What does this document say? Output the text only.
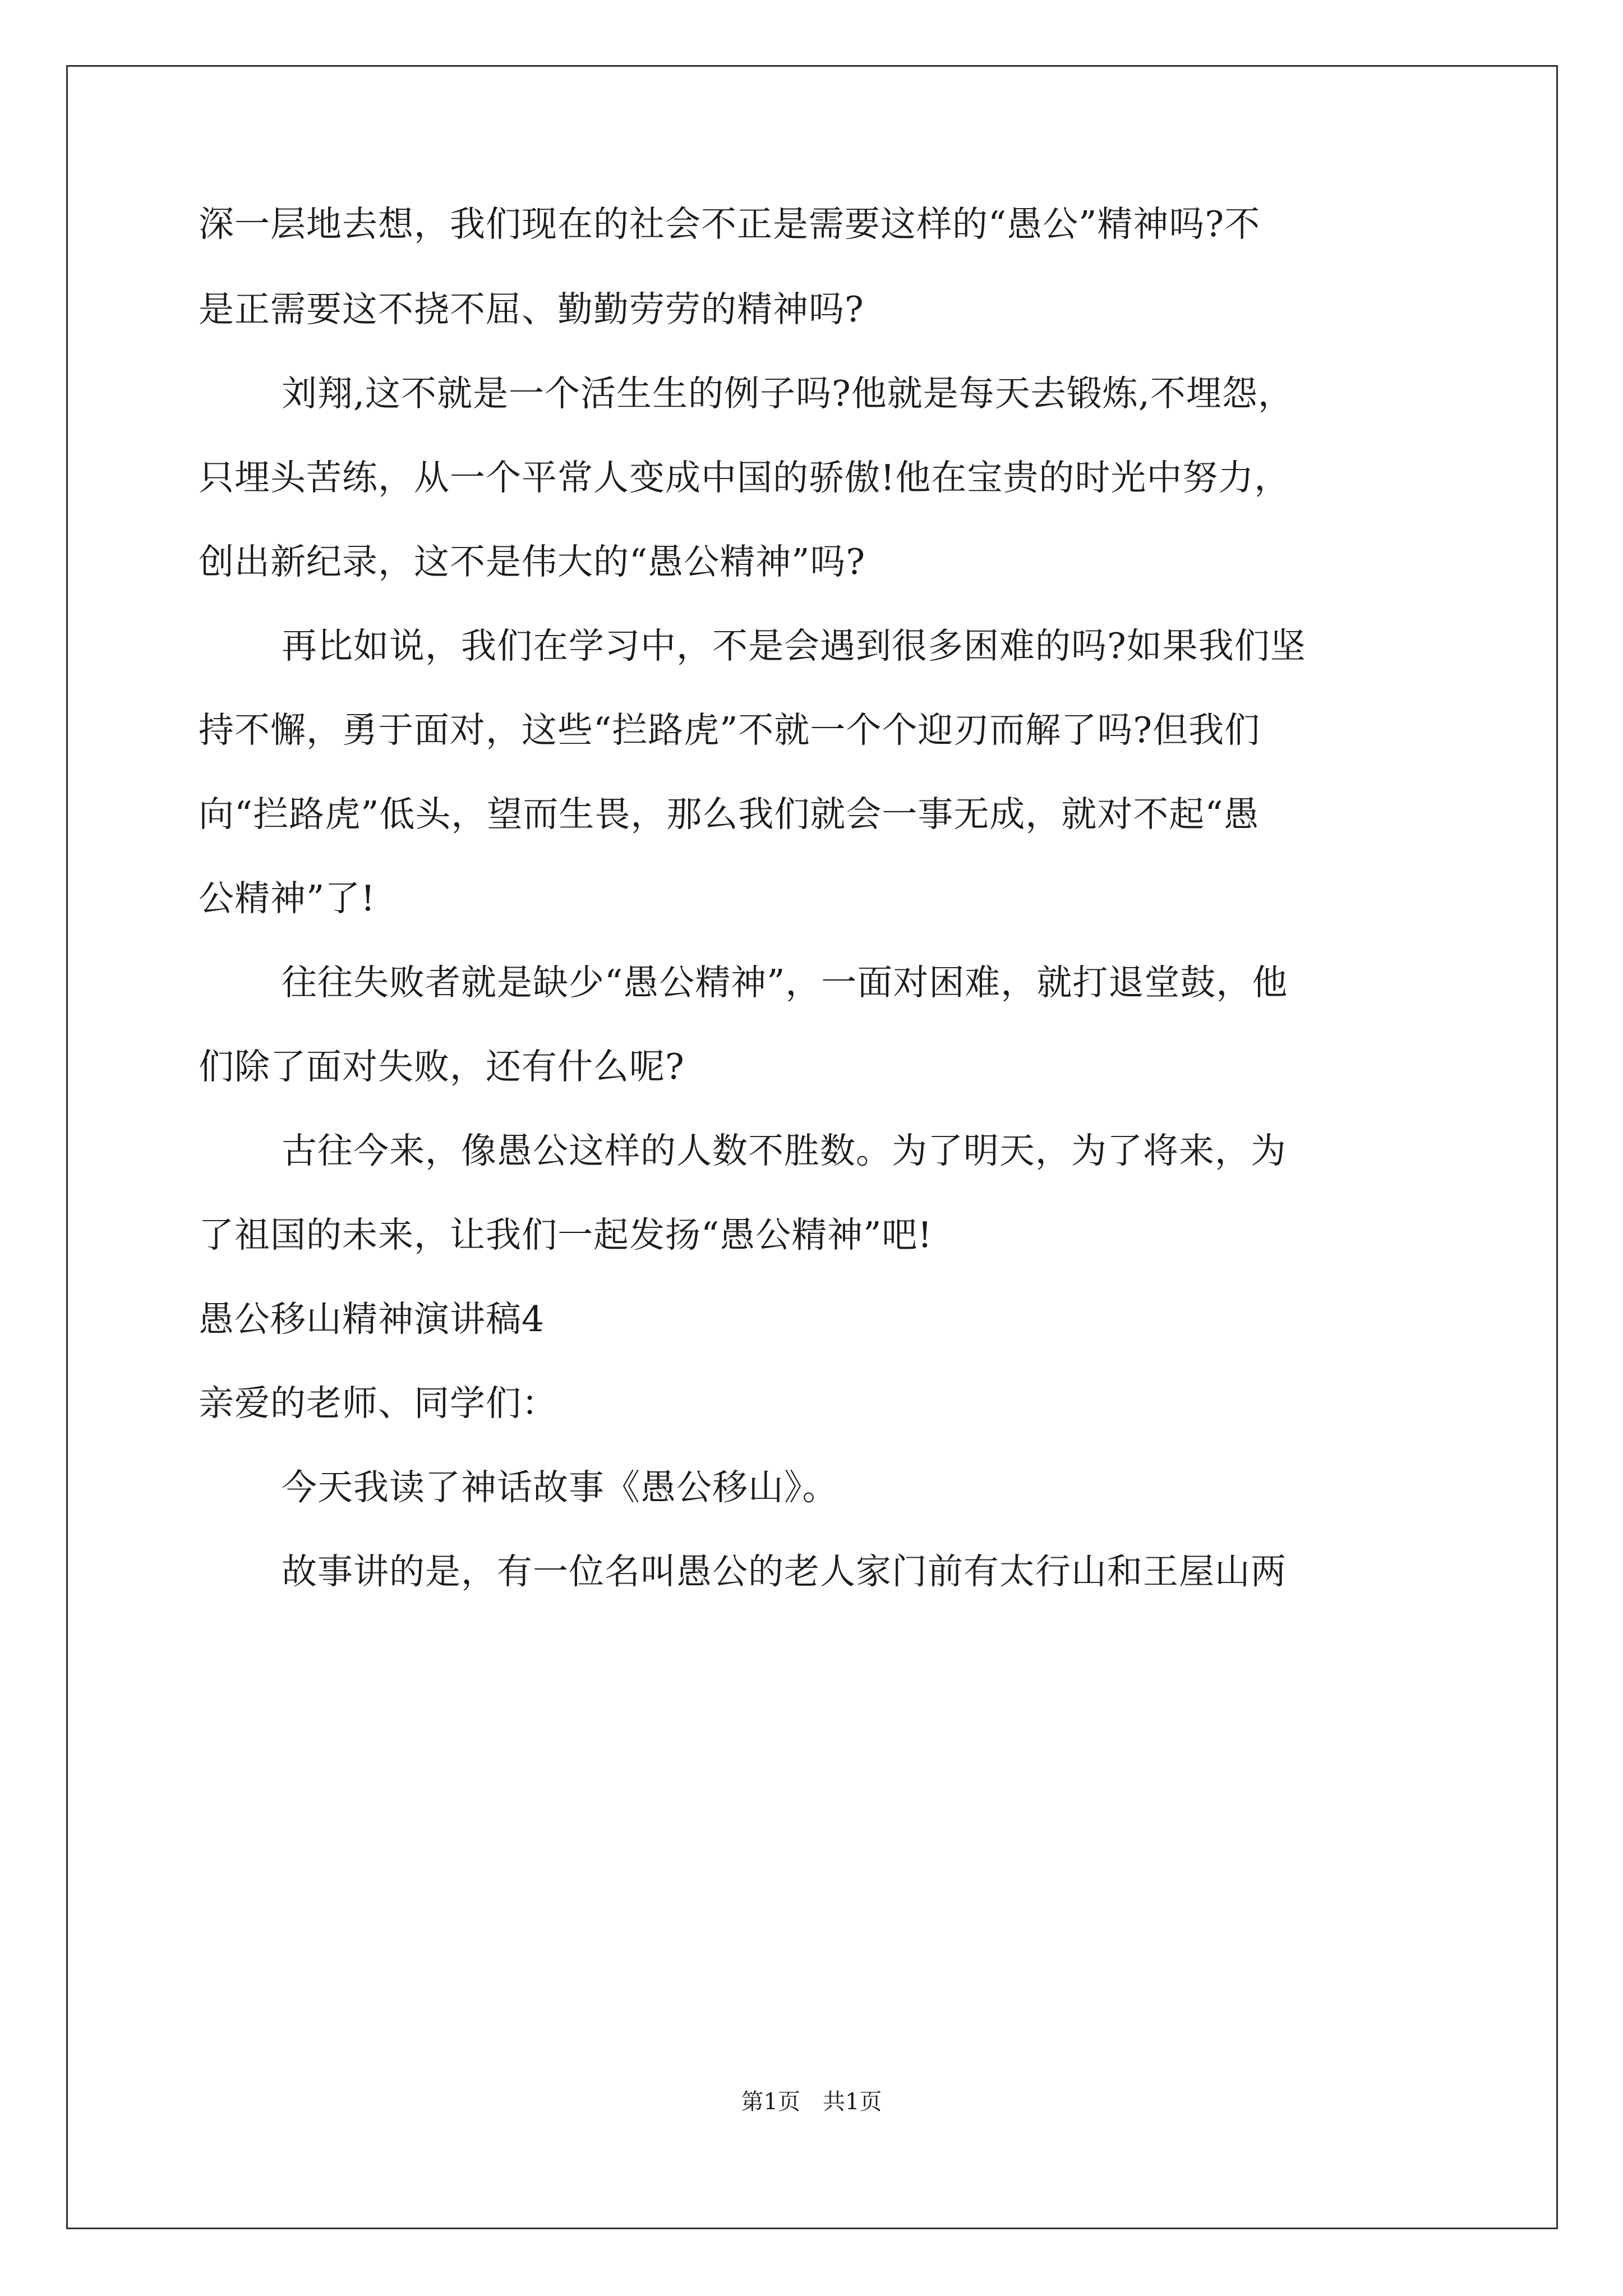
深一层地去想，我们现在的社会不正是需要这样的“愚公”精神吗?不
是正需要这不挠不屈、勤勤劳劳的精神吗?
刘翔,这不就是一个活生生的例子吗?他就是每天去锻炼,不埋怨，
只埋头苦练，从一个平常人变成中国的骄傲!他在宝贵的时光中努力，
创出新纪录，这不是伟大的“愚公精神”吗?
再比如说，我们在学习中，不是会遇到很多困难的吗?如果我们坚
持不懈，勇于面对，这些“拦路虎”不就一个个迎刃而解了吗?但我们
向“拦路虎”低头，望而生畏，那么我们就会一事无成，就对不起“愚
公精神”了!
往往失败者就是缺少“愚公精神”，一面对困难，就打退堂鼓，他
们除了面对失败，还有什么呢?
古往今来，像愚公这样的人数不胜数。为了明天，为了将来，为
了祖国的未来，让我们一起发扬“愚公精神”吧!
愚公移山精神演讲稿4
亲爱的老师、同学们：
今天我读了神话故事《愚公移山》。
故事讲的是，有一位名叫愚公的老人家门前有太行山和王屋山两
第1页 共1页
